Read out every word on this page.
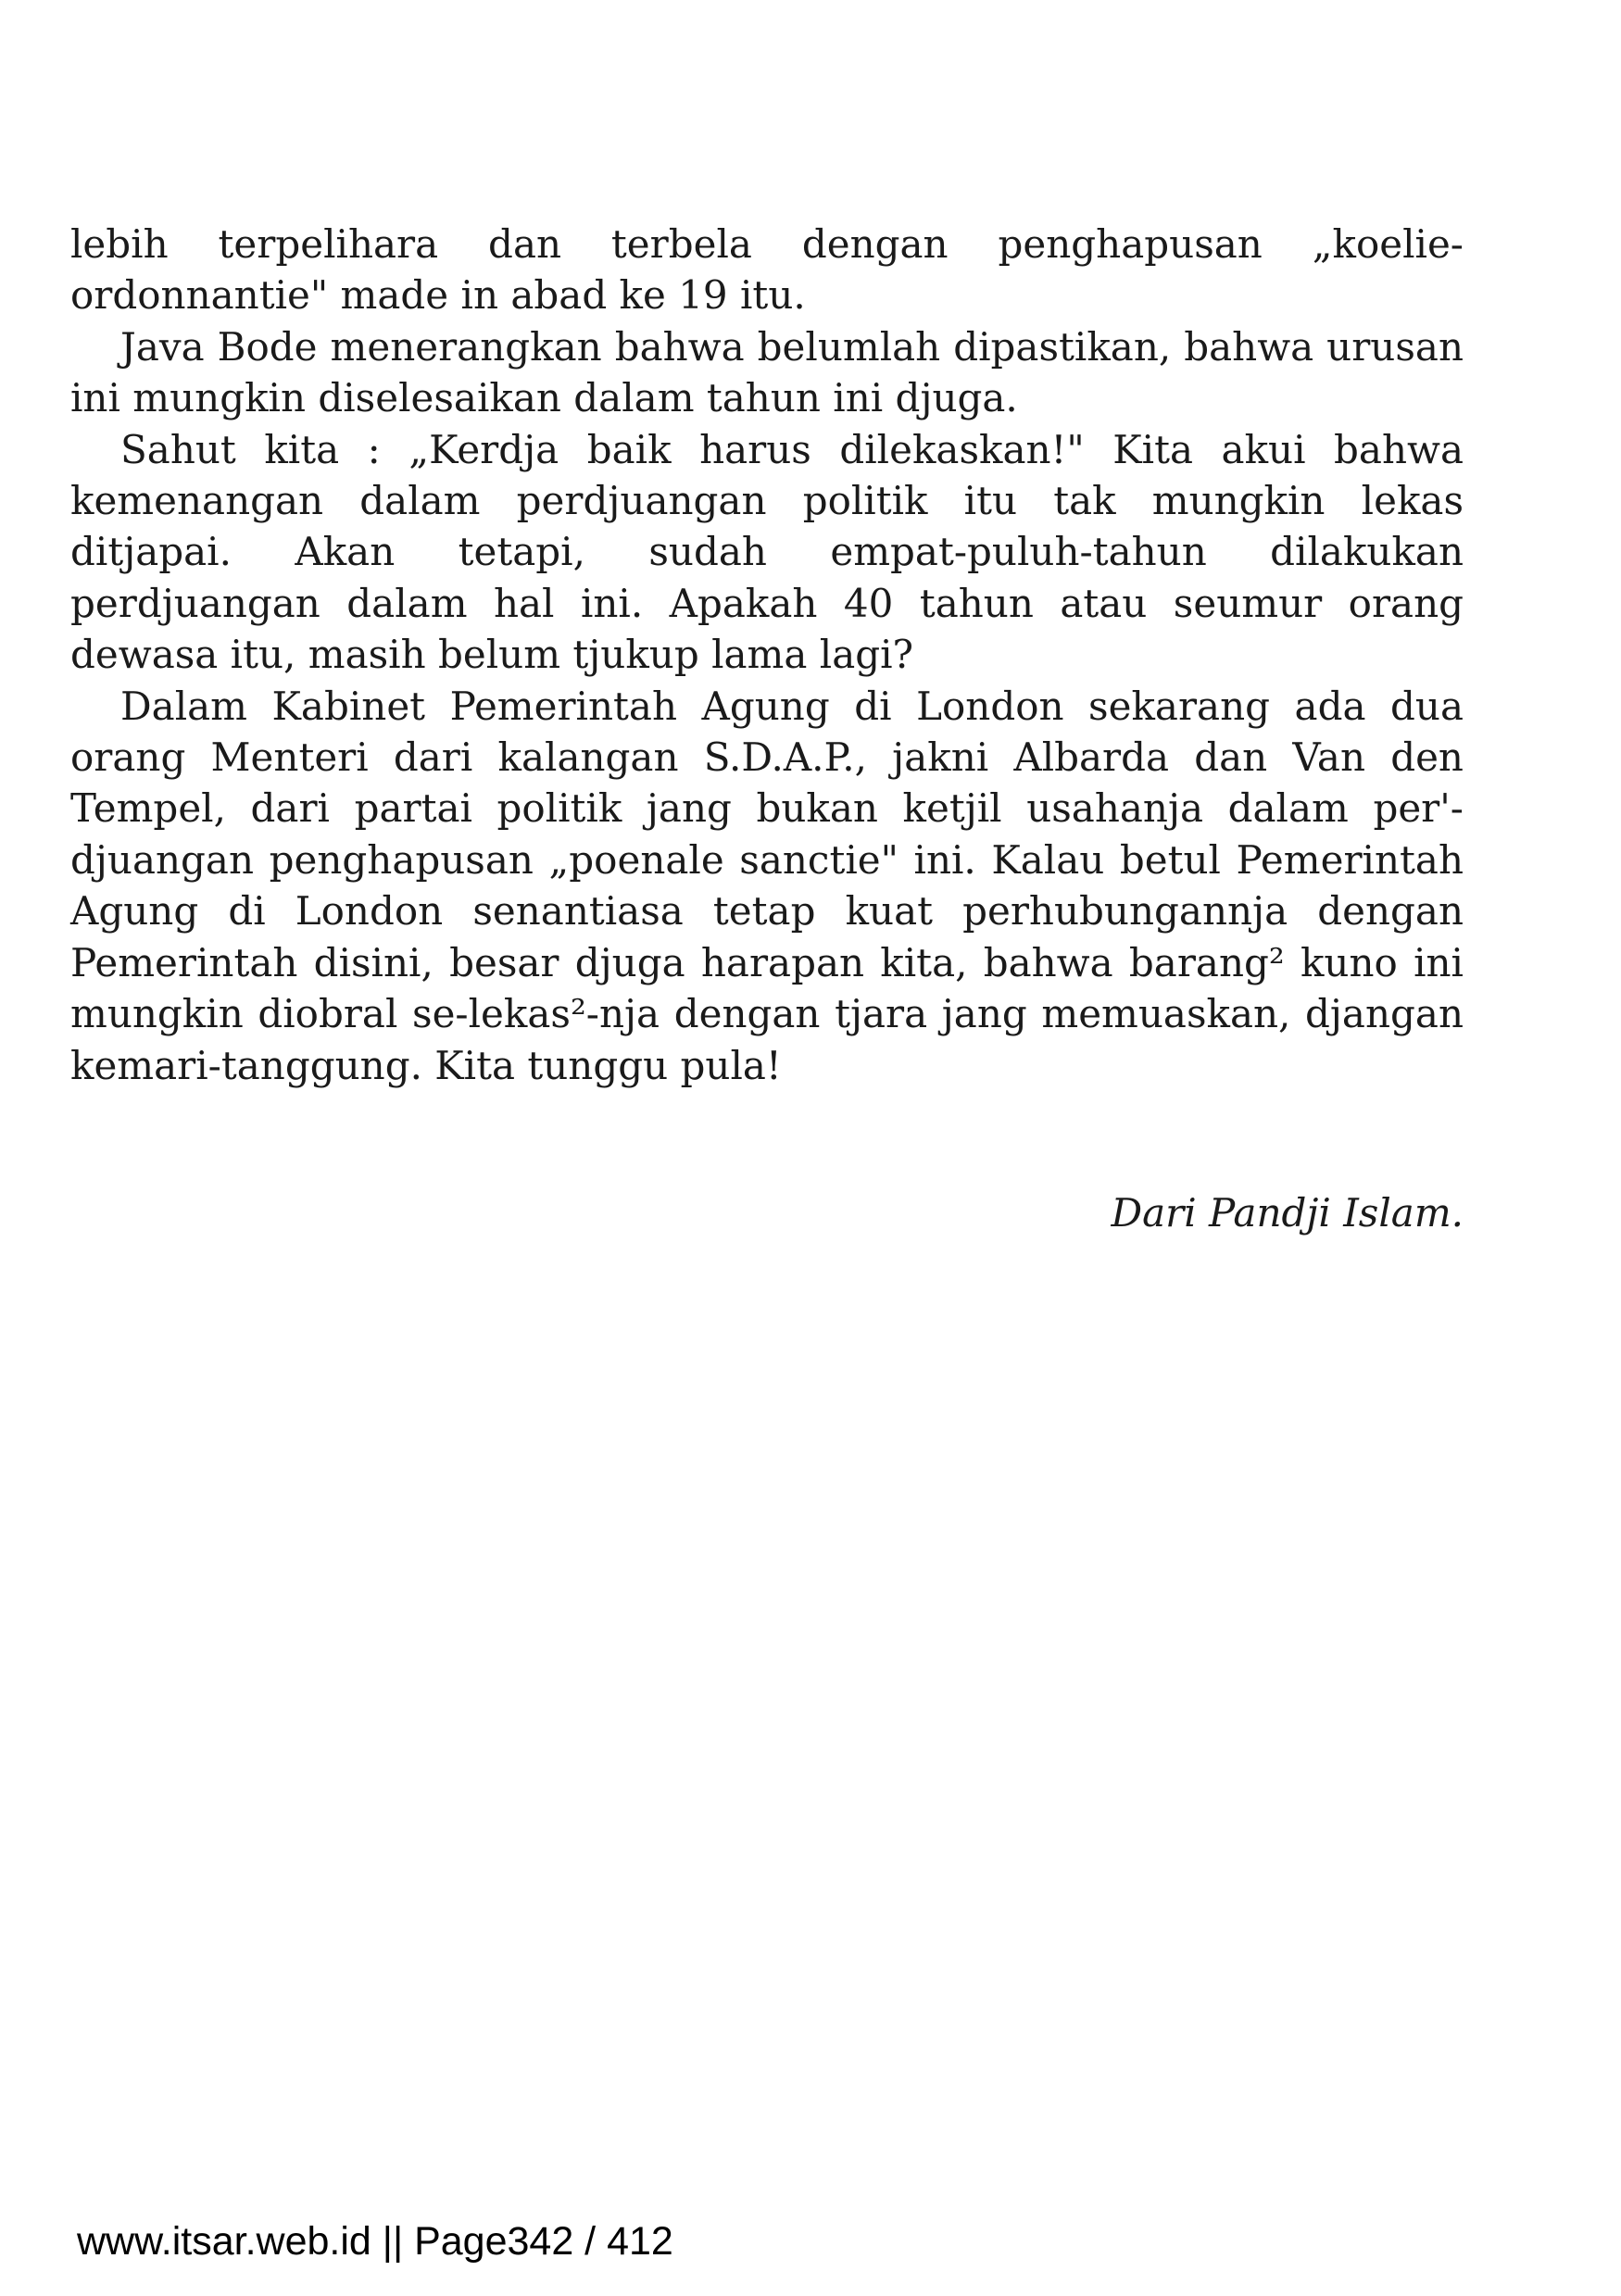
lebih terpelihara dan terbela dengan penghapusan „koelie-ordonnantie" made in abad ke 19 itu.

Java Bode menerangkan bahwa belumlah dipastikan, bahwa urusan ini mungkin diselesaikan dalam tahun ini djuga.

Sahut kita : „Kerdja baik harus dilekaskan!" Kita akui bahwa kemenangan dalam perdjuangan politik itu tak mungkin lekas ditjapai. Akan tetapi, sudah empat-puluh-tahun dilakukan perdjuangan dalam hal ini. Apakah 40 tahun atau seumur orang dewasa itu, masih belum tjukup lama lagi?

Dalam Kabinet Pemerintah Agung di London sekarang ada dua orang Menteri dari kalangan S.D.A.P., jakni Albarda dan Van den Tempel, dari partai politik jang bukan ketjil usahanja dalam per'-djuangan penghapusan „poenale sanctie" ini. Kalau betul Pemerintah Agung di London senantiasa tetap kuat perhubungannja dengan Pemerintah disini, besar djuga harapan kita, bahwa barang² kuno ini mungkin diobral se-lekas²-nja dengan tjara jang memuaskan, djangan kemari-tanggung. Kita tunggu pula!

Dari Pandji Islam.
www.itsar.web.id || Page342 / 412
